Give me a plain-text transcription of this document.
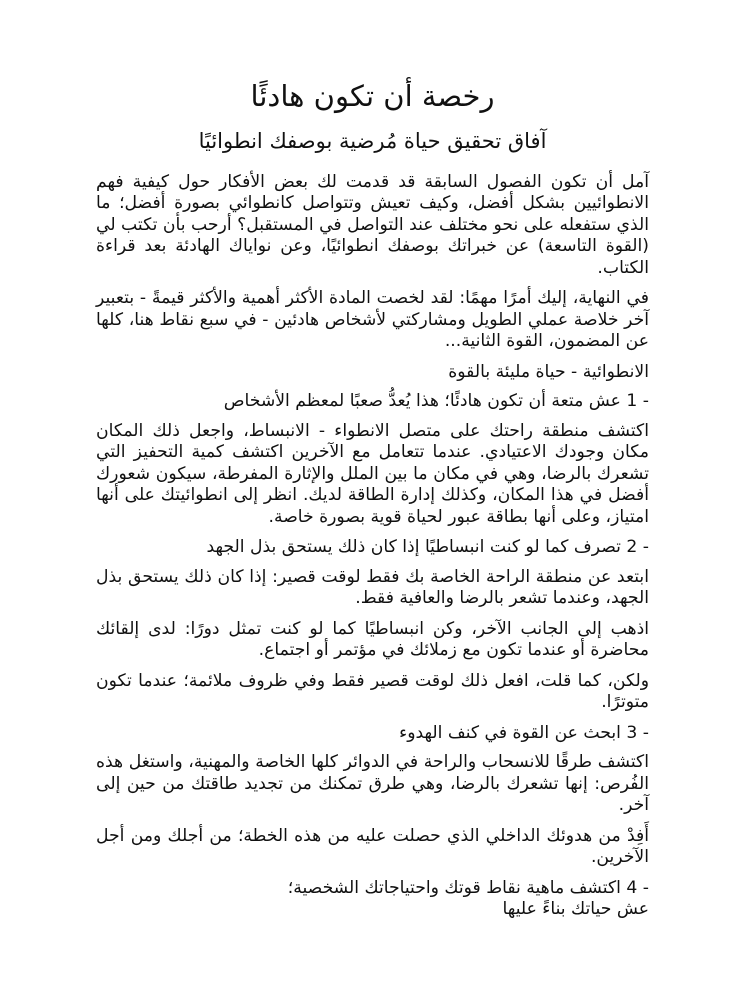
رخصة أن تكون هادئًا
آفاق تحقيق حياة مُرضية بوصفك انطوائيًا

آمل أن تكون الفصول السابقة قد قدمت لك بعض الأفكار حول كيفية فهم الانطوائيين بشكل أفضل، وكيف تعيش وتتواصل كانطوائي بصورة أفضل؛ ما الذي ستفعله على نحو مختلف عند التواصل في المستقبل؟ أرحب بأن تكتب لي (القوة التاسعة) عن خبراتك بوصفك انطوائيًا، وعن نواياك الهادئة بعد قراءة الكتاب.

في النهاية، إليك أمرًا مهمًا: لقد لخصت المادة الأكثر أهمية والأكثر قيمةً - بتعبير آخر خلاصة عملي الطويل ومشاركتي لأشخاص هادئين - في سبع نقاط هنا، كلها عن المضمون، القوة الثانية...

الانطوائية - حياة مليئة بالقوة

- 1 عش متعة أن تكون هادئًا؛ هذا يُعدُّ صعبًا لمعظم الأشخاص

اكتشف منطقة راحتك على متصل الانطواء - الانبساط، واجعل ذلك المكان مكان وجودك الاعتيادي. عندما تتعامل مع الآخرين اكتشف كمية التحفيز التي تشعرك بالرضا، وهي في مكان ما بين الملل والإثارة المفرطة، سيكون شعورك أفضل في هذا المكان، وكذلك إدارة الطاقة لديك. انظر إلى انطوائيتك على أنها امتياز، وعلى أنها بطاقة عبور لحياة قوية بصورة خاصة.

- 2 تصرف كما لو كنت انبساطيًا إذا كان ذلك يستحق بذل الجهد

ابتعد عن منطقة الراحة الخاصة بك فقط لوقت قصير: إذا كان ذلك يستحق بذل الجهد، وعندما تشعر بالرضا والعافية فقط.

اذهب إلى الجانب الآخر، وكن انبساطيًا كما لو كنت تمثل دورًا: لدى إلقائك محاضرة أو عندما تكون مع زملائك في مؤتمر أو اجتماع.

ولكن، كما قلت، افعل ذلك لوقت قصير فقط وفي ظروف ملائمة؛ عندما تكون متوترًا.

- 3 ابحث عن القوة في كنف الهدوء

اكتشف طرقًا للانسحاب والراحة في الدوائر كلها الخاصة والمهنية، واستغل هذه الفُرص: إنها تشعرك بالرضا، وهي طرق تمكنك من تجديد طاقتك من حين إلى آخر.

أَفِدْ من هدوئك الداخلي الذي حصلت عليه من هذه الخطة؛ من أجلك ومن أجل الآخرين.

- 4 اكتشف ماهية نقاط قوتك واحتياجاتك الشخصية؛

عش حياتك بناءً عليها
